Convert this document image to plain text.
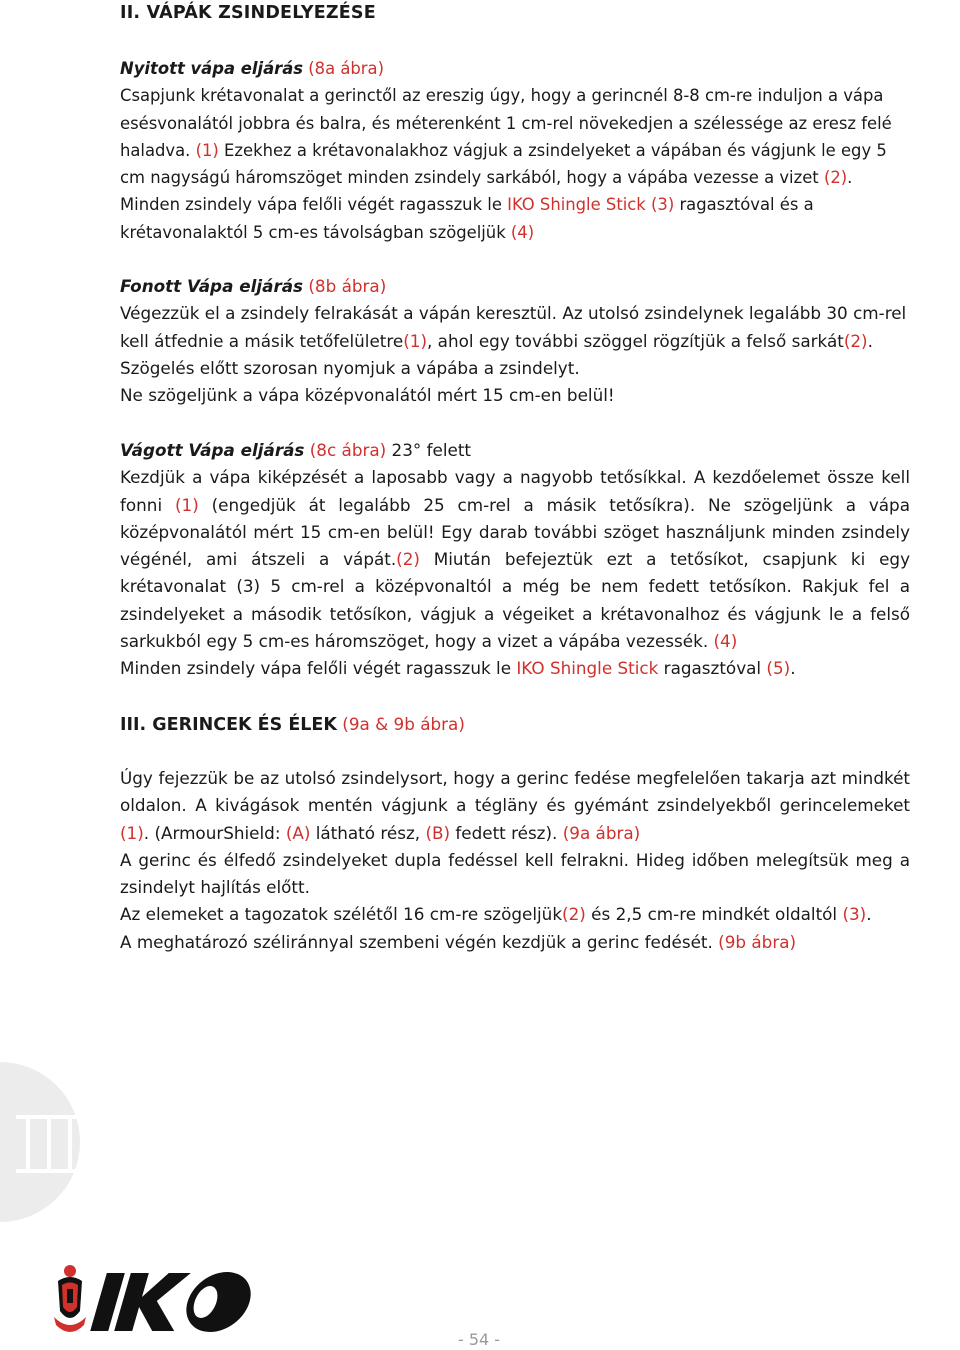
II. VÁPÁK ZSINDELYEZÉSE

Nyitott vápa eljárás (8a ábra)

Csapjunk krétavonalat a gerinctől az ereszig úgy, hogy a gerincnél 8-8 cm-re induljon a vápa esésvonalától jobbra és balra, és méterenként 1 cm-rel növekedjen a szélessége az eresz felé haladva. (1) Ezekhez a krétavonalakhoz vágjuk a zsindelyeket a vápában és vágjunk le egy 5 cm nagyságú háromszöget minden zsindely sarkából, hogy a vápába vezesse a vizet (2). Minden zsindely vápa felőli végét ragasszuk le IKO Shingle Stick (3) ragasztóval és a krétavonalaktól 5 cm-es távolságban szögeljük (4)

Fonott Vápa eljárás (8b ábra)

Végezzük el a zsindely felrakását a vápán keresztül. Az utolsó zsindelynek legalább 30 cm-rel kell átfednie a másik tetőfelületre(1), ahol egy további szöggel rögzítjük a felső sarkát(2). Szögelés előtt szorosan nyomjuk a vápába a zsindelyt.

Ne szögeljünk a vápa középvonalától mért 15 cm-en belül!

Vágott Vápa eljárás (8c ábra) 23° felett

Kezdjük a vápa kiképzését a laposabb vagy a nagyobb tetősíkkal. A kezdőelemet össze kell fonni (1) (engedjük át legalább 25 cm-rel a másik tetősíkra). Ne szögeljünk a vápa középvonalától mért 15 cm-en belül! Egy darab további szöget használjunk minden zsindely végénél, ami átszeli a vápát.(2) Miután befejeztük ezt a tetősíkot, csapjunk ki egy krétavonalat (3) 5 cm-rel a középvonaltól a még be nem fedett tetősíkon. Rakjuk fel a zsindelyeket a második tetősíkon, vágjuk a végeiket a krétavonalhoz és vágjunk le a felső sarkukból egy 5 cm-es háromszöget, hogy a vizet a vápába vezessék. (4)

Minden zsindely vápa felőli végét ragasszuk le IKO Shingle Stick ragasztóval (5).

III. GERINCEK ÉS ÉLEK (9a & 9b ábra)

Úgy fejezzük be az utolsó zsindelysort, hogy a gerinc fedése megfelelően takarja azt mindkét oldalon. A kivágások mentén vágjunk a tégläny és gyémánt zsindelyekből gerincelemeket (1). (ArmourShield: (A) látható rész, (B) fedett rész). (9a ábra)

A gerinc és élfedő zsindelyeket dupla fedéssel kell felrakni. Hideg időben melegítsük meg a zsindelyt hajlítás előtt.

Az elemeket a tagozatok szélétől 16 cm-re szögeljük(2) és 2,5 cm-re mindkét oldaltól (3).

A meghatározó széliránnyal szembeni végén kezdjük a gerinc fedését. (9b ábra)

- 54 -
